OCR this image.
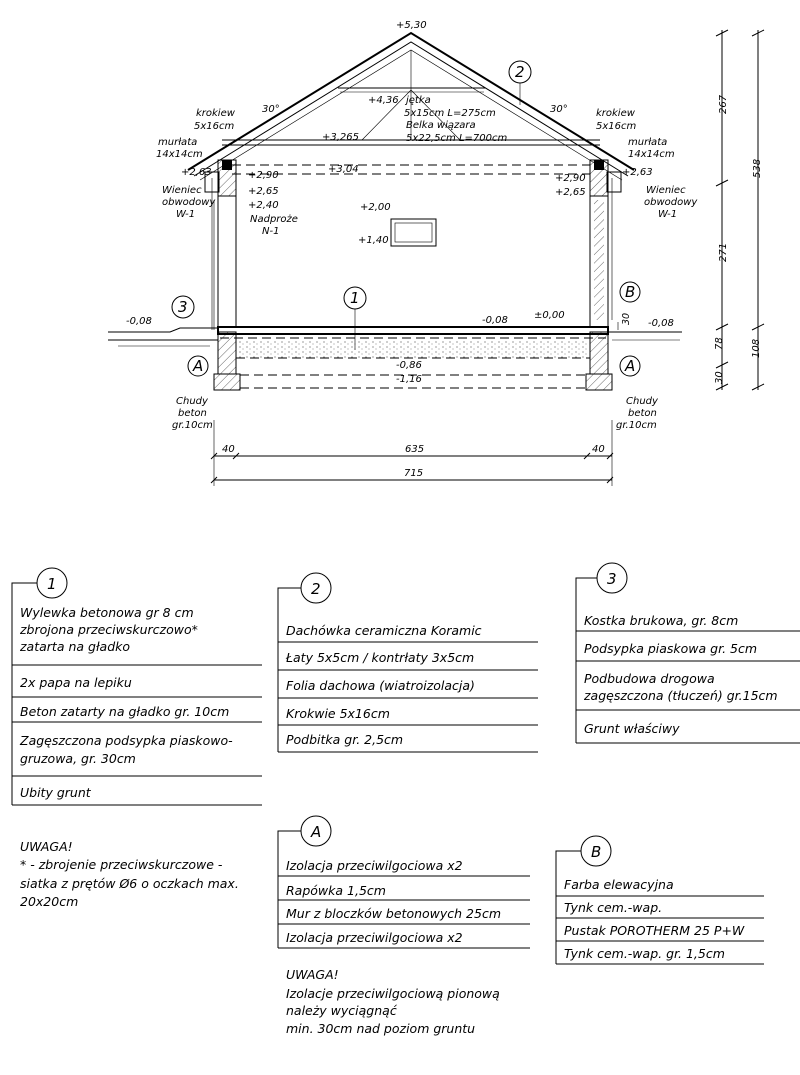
+5,30
+4,36
+3,265
+3,04
+2,90
+2,65
+2,40
+2,63
+2,90
+2,65
+2,63
+2,00
+1,40
-0,08	-0,08	±0,00
-0,08
-0,86
-1,16
30°	30°
krokiew
5x16cm
krokiew
5x16cm
murłata
14x14cm
murłata
14x14cm
Wieniec
obwodowy
W-1
Wieniec
obwodowy
W-1
Nadproże
N-1
jętka
5x15cm L=275cm
Belka wiązara
5x22,5cm L=700cm
Chudy
beton
gr.10cm
Chudy
beton
gr.10cm
40	635	40
715
30
267
271
78
30
538
108
2
1
3
A	A
B
1
Wylewka betonowa gr 8 cm
zbrojona przeciwskurczowo*
zatarta na gładko
2x papa na lepiku
Beton zatarty na gładko gr. 10cm
Zagęszczona podsypka piaskowo-
gruzowa, gr. 30cm
Ubity grunt
2
Dachówka ceramiczna Koramic
Łaty 5x5cm / kontrłaty 3x5cm
Folia dachowa (wiatroizolacja)
Krokwie 5x16cm
Podbitka gr. 2,5cm
3
Kostka brukowa, gr. 8cm
Podsypka piaskowa gr. 5cm
Podbudowa drogowa
zagęszczona (tłuczeń) gr.15cm
Grunt właściwy
UWAGA!
* - zbrojenie przeciwskurczowe -
siatka z prętów Ø6 o oczkach max.
20x20cm
A
Izolacja przeciwilgociowa x2
Rapówka 1,5cm
Mur z bloczków betonowych 25cm
Izolacja przeciwilgociowa x2
B
Farba elewacyjna
Tynk cem.-wap.
Pustak POROTHERM 25 P+W
Tynk cem.-wap. gr. 1,5cm
UWAGA!
Izolacje przeciwilgociową pionową
należy wyciągnąć
min. 30cm nad poziom gruntu
